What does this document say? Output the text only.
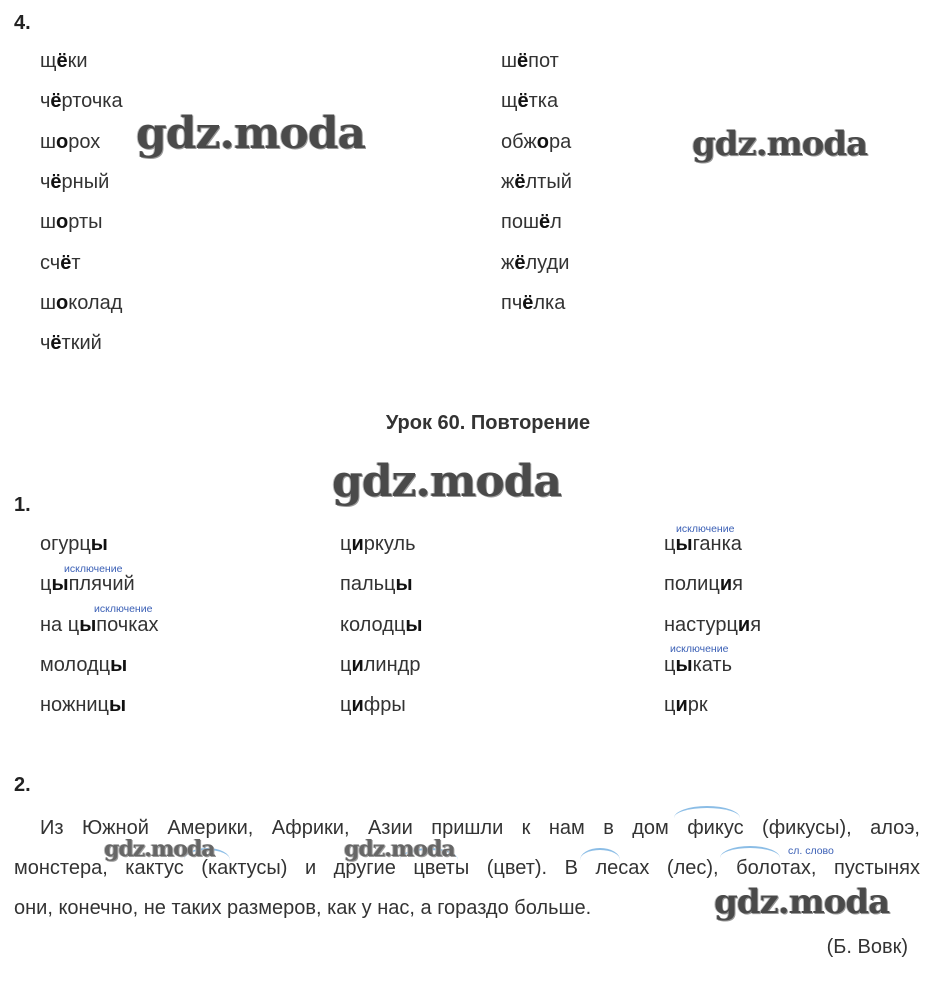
4.
щёки
чёрточка
шорох
чёрный
шорты
счёт
шоколад
чёткий
шёпот
щётка
обжора
жёлтый
пошёл
жёлуди
пчёлка
gdz.moda	gdz.moda
gdz.moda
Урок 60. Повторение
1.
огурцы
цыплячий
на цыпочках
молодцы
ножницы
циркуль
пальцы
колодцы
цилиндр
цифры
цыганка
полиция
настурция
цыкать
цирк
исключение
исключение
исключение
исключение
2.
Из Южной Америки, Африки, Азии пришли к нам в дом фикус (фикусы), алоэ,
монстера, кактус (кактусы) и другие цветы (цвет). В лесах (лес), болотах, пустынях
они, конечно, не таких размеров, как у нас, а гораздо больше.
сл. слово
gdz.moda	gdz.moda
gdz.moda
(Б. Вовк)
